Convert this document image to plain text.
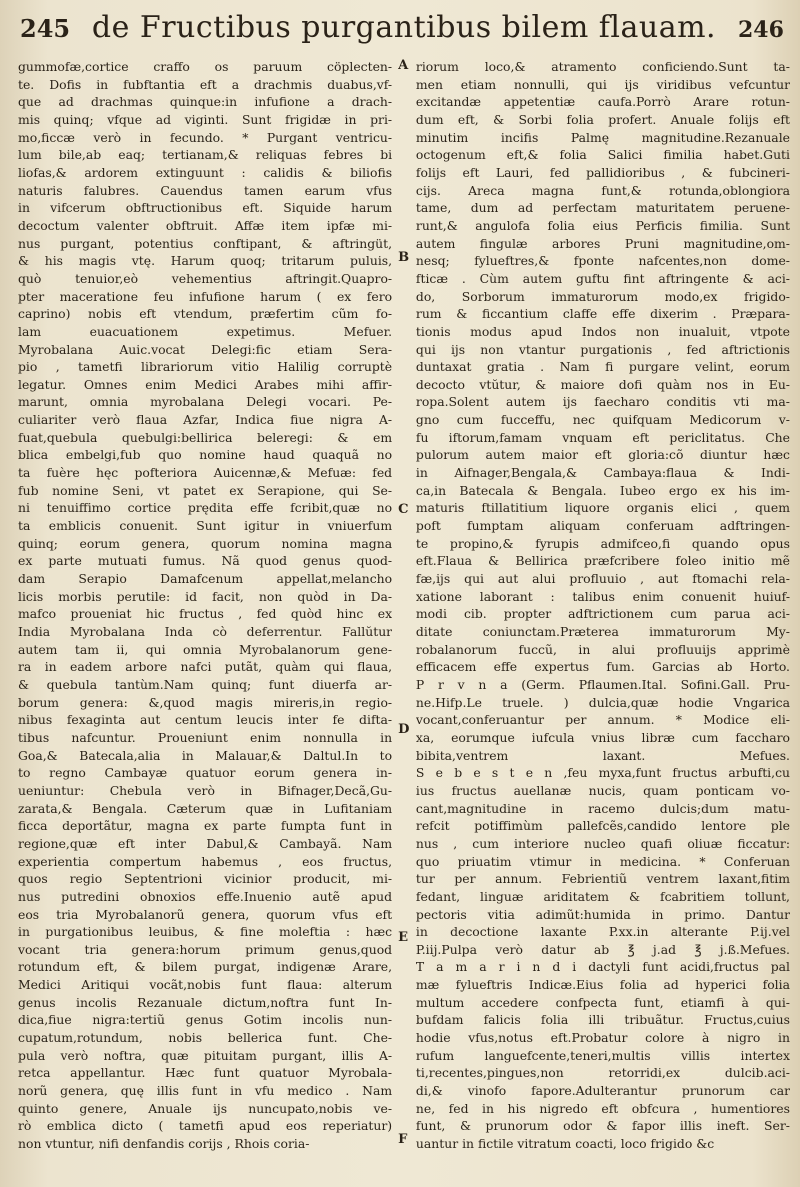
245 de Fructibus purgantibus bilem flauam. 246
gummofæ,cortice craffo os paruum cöplecten-
te. Dofis in fubftantia eft a drachmis duabus,vf-
que ad drachmas quinque:in infufione a drach-
mis quinq; vfque ad viginti. Sunt frigidæ in pri-
mo,ficcæ verò in fecundo. * Purgant ventricu-
lum bile,ab eaq; tertianam,& reliquas febres bi
liofas,& ardorem extinguunt : calidis & biliofis
naturis falubres. Cauendus tamen earum vfus
in vifcerum obftructionibus eft. Siquide harum
decoctum valenter obftruit. Affæ item ipfæ mi-
nus purgant, potentius conftipant, & aftringüt,
& his magis vtę. Harum quoq; tritarum puluis,
quò tenuior,eò vehementius aftringit.Quapro-
pter maceratione feu infufione harum ( ex fero
caprino) nobis eft vtendum, præfertim cũm fo-
lam euacuationem expetimus. Mefuer.
Myrobalana Auic.vocat Delegi:fic etiam Sera-
pio , tametfi librariorum vitio Halilig corruptè
legatur. Omnes enim Medici Arabes mihi affir-
marunt, omnia myrobalana Delegi vocari. Pe-
culiariter verò flaua Azfar, Indica fiue nigra A-
fuat,quebula quebulgi:bellirica beleregi: & em
blica embelgi,fub quo nomine haud quaquã no
ta fuère hęc pofteriora Auicennæ,& Mefuæ: fed
fub nomine Seni, vt patet ex Serapione, qui Se-
ni tenuiffimo cortice prędita effe fcribit,quæ no
ta emblicis conuenit. Sunt igitur in vniuerfum
quinq; eorum genera, quorum nomina magna
ex parte mutuati fumus. Nã quod genus quod-
dam Serapio Damafcenum appellat,melancho
licis morbis perutile: id facit, non quòd in Da-
mafco proueniat hic fructus , fed quòd hinc ex
India Myrobalana Inda cò deferrentur. Fallŭtur
autem tam ii, qui omnia Myrobalanorum gene-
ra in eadem arbore nafci putãt, quàm qui flaua,
& quebula tantùm.Nam quinq; funt diuerfa ar-
borum genera: &,quod magis mireris,in regio-
nibus fexaginta aut centum leucis inter fe difta-
tibus nafcuntur. Proueniunt enim nonnulla in
Goa,& Batecala,alia in Malauar,& Daltul.In to
to regno Cambayæ quatuor eorum genera in-
ueniuntur: Chebula verò in Bifnager,Decã,Gu-
zarata,& Bengala. Cæterum quæ in Lufitaniam
ficca deportãtur, magna ex parte fumpta funt in
regione,quæ eft inter Dabul,& Cambayã. Nam
experientia compertum habemus , eos fructus,
quos regio Septentrioni vicinior producit, mi-
nus putredini obnoxios effe.Inuenio autẽ apud
eos tria Myrobalanorũ genera, quorum vfus eft
in purgationibus leuibus, & fine moleftia : hæc
vocant tria genera:horum primum genus,quod
rotundum eft, & bilem purgat, indigenæ Arare,
Medici Aritiqui vocãt,nobis funt flaua: alterum
genus incolis Rezanuale dictum,noftra funt In-
dica,fiue nigra:tertiũ genus Gotim incolis nun-
cupatum,rotundum, nobis bellerica funt. Che-
pula verò noftra, quæ pituitam purgant, illis A-
retca appellantur. Hæc funt quatuor Myrobala-
norũ genera, quę illis funt in vfu medico . Nam
quinto genere, Anuale ijs nuncupato,nobis ve-
rò emblica dicto ( tametfi apud eos reperiatur)
non vtuntur, nifi denfandis corijs , Rhois coria-
A
B
C
D
E
F
riorum loco,& atramento conficiendo.Sunt ta-
men etiam nonnulli, qui ijs viridibus vefcuntur
excitandæ appetentiæ caufa.Porrò Arare rotun-
dum eft, & Sorbi folia profert. Anuale folijs eft
minutim incifis Palmę magnitudine.Rezanuale
octogenum eft,& folia Salici fimilia habet.Guti
folijs eft Lauri, fed pallidioribus , & fubcineri-
cijs. Areca magna funt,& rotunda,oblongiora
tame, dum ad perfectam maturitatem peruene-
runt,& angulofa folia eius Perficis fimilia. Sunt
autem fingulæ arbores Pruni magnitudine,om-
nesq; fylueftres,& fponte nafcentes,non dome-
fticæ . Cùm autem guftu fint aftringente & aci-
do, Sorborum immaturorum modo,ex frigido-
rum & ficcantium claffe effe dixerim . Præpara-
tionis modus apud Indos non inualuit, vtpote
qui ijs non vtantur purgationis , fed aftrictionis
duntaxat gratia . Nam fi purgare velint, eorum
decocto vtŭtur, & maiore dofi quàm nos in Eu-
ropa.Solent autem ijs faecharo conditis vti ma-
gno cum fucceffu, nec quifquam Medicorum v-
fu iftorum,famam vnquam eft periclitatus. Che
pulorum autem maior eft gloria:cõ diuntur hæc
in Aifnager,Bengala,& Cambaya:flaua & Indi-
ca,in Batecala & Bengala. Iubeo ergo ex his im-
maturis ftillatitium liquore organis elici , quem
poft fumptam aliquam conferuam adftringen-
te propino,& fyrupis admifceo,fi quando opus
eft.Flaua & Bellirica præfcribere foleo initio mẽ
fæ,ijs qui aut alui profluuio , aut ftomachi rela-
xatione laborant : talibus enim conuenit huiuf-
modi cib. propter adftrictionem cum parua aci-
ditate coniunctam.Præterea immaturorum My-
robalanorum fuccũ, in alui profluuijs apprimè
efficacem effe expertus fum. Garcias ab Horto.
P r v n a (Germ. Pflaumen.Ital. Sofini.Gall. Pru-
ne.Hifp.Le truele. ) dulcia,quæ hodie Vngarica
vocant,conferuantur per annum. * Modice eli-
xa, eorumque iufcula vnius libræ cum faccharo
bibita,ventrem laxant. Mefues.
S e b e s t e n ,feu myxa,funt fructus arbufti,cu
ius fructus auellanæ nucis, quam ponticam vo-
cant,magnitudine in racemo dulcis;dum matu-
refcit potiffimùm pallefcẽs,candido lentore ple
nus , cum interiore nucleo quafi oliuæ ficcatur:
quo priuatim vtimur in medicina. * Conferuan
tur per annum. Febrientiũ ventrem laxant,fitim
fedant, linguæ ariditatem & fcabritiem tollunt,
pectoris vitia adimũt:humida in primo. Dantur
in decoctione laxante P.xx.in alterante P.ij.vel
P.iij.Pulpa verò datur ab ℥ j.ad ℥ j.ß.Mefues.
T a m a r i n d i dactyli funt acidi,fructus pal
mæ fylueftris Indicæ.Eius folia ad hyperici folia
multum accedere confpecta funt, etiamfi à qui-
bufdam falicis folia illi tribuãtur. Fructus,cuius
hodie vfus,notus eft.Probatur colore à nigro in
rufum languefcente,teneri,multis villis intertex
ti,recentes,pingues,non retorridi,ex dulcib.aci-
di,& vinofo fapore.Adulterantur prunorum car
ne, fed in his nigredo eft obfcura , humentiores
funt, & prunorum odor & fapor illis ineft. Ser-
uantur in fictile vitratum coacti, loco frigido &c
